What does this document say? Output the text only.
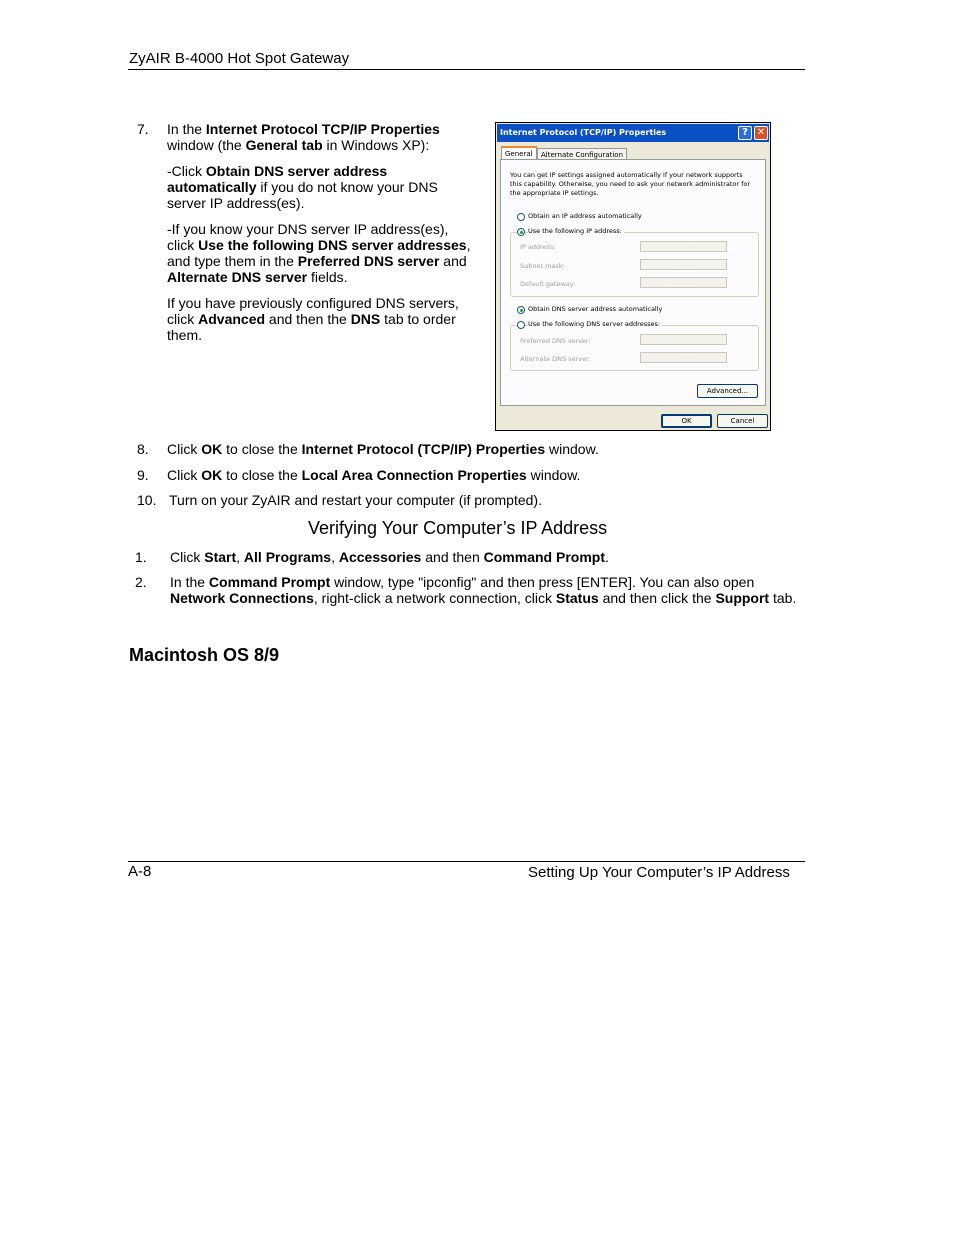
ZyAIR B-4000 Hot Spot Gateway
7. In the Internet Protocol TCP/IP Properties

window (the General tab in Windows XP):

-Click Obtain DNS server address

automatically if you do not know your DNS

server IP address(es).

-If you know your DNS server IP address(es),

click Use the following DNS server addresses,

and type them in the Preferred DNS server and

Alternate DNS server fields.

If you have previously configured DNS servers,

click Advanced and then the DNS tab to order

them.

Internet Protocol (TCP/IP) Properties	? ✕
General	Alternate Configuration
You can get IP settings assigned automatically if your network supports this capability. Otherwise, you need to ask your network administrator for the appropriate IP settings.
Obtain an IP address automatically
Use the following IP address:
IP address:	. . .
Subnet mask:	. . .
Default gateway:	. . .
Obtain DNS server address automatically
Use the following DNS server addresses:
Preferred DNS server:	. . .
Alternate DNS server:	. . .
Advanced...
OK	Cancel
8. Click OK to close the Internet Protocol (TCP/IP) Properties window.

9. Click OK to close the Local Area Connection Properties window.

10. Turn on your ZyAIR and restart your computer (if prompted).

Verifying Your Computer’s IP Address
1. Click Start, All Programs, Accessories and then Command Prompt.

2. In the Command Prompt window, type "ipconfig" and then press [ENTER]. You can also open

Network Connections, right-click a network connection, click Status and then click the Support tab.

Macintosh OS 8/9
A-8	Setting Up Your Computer’s IP Address
